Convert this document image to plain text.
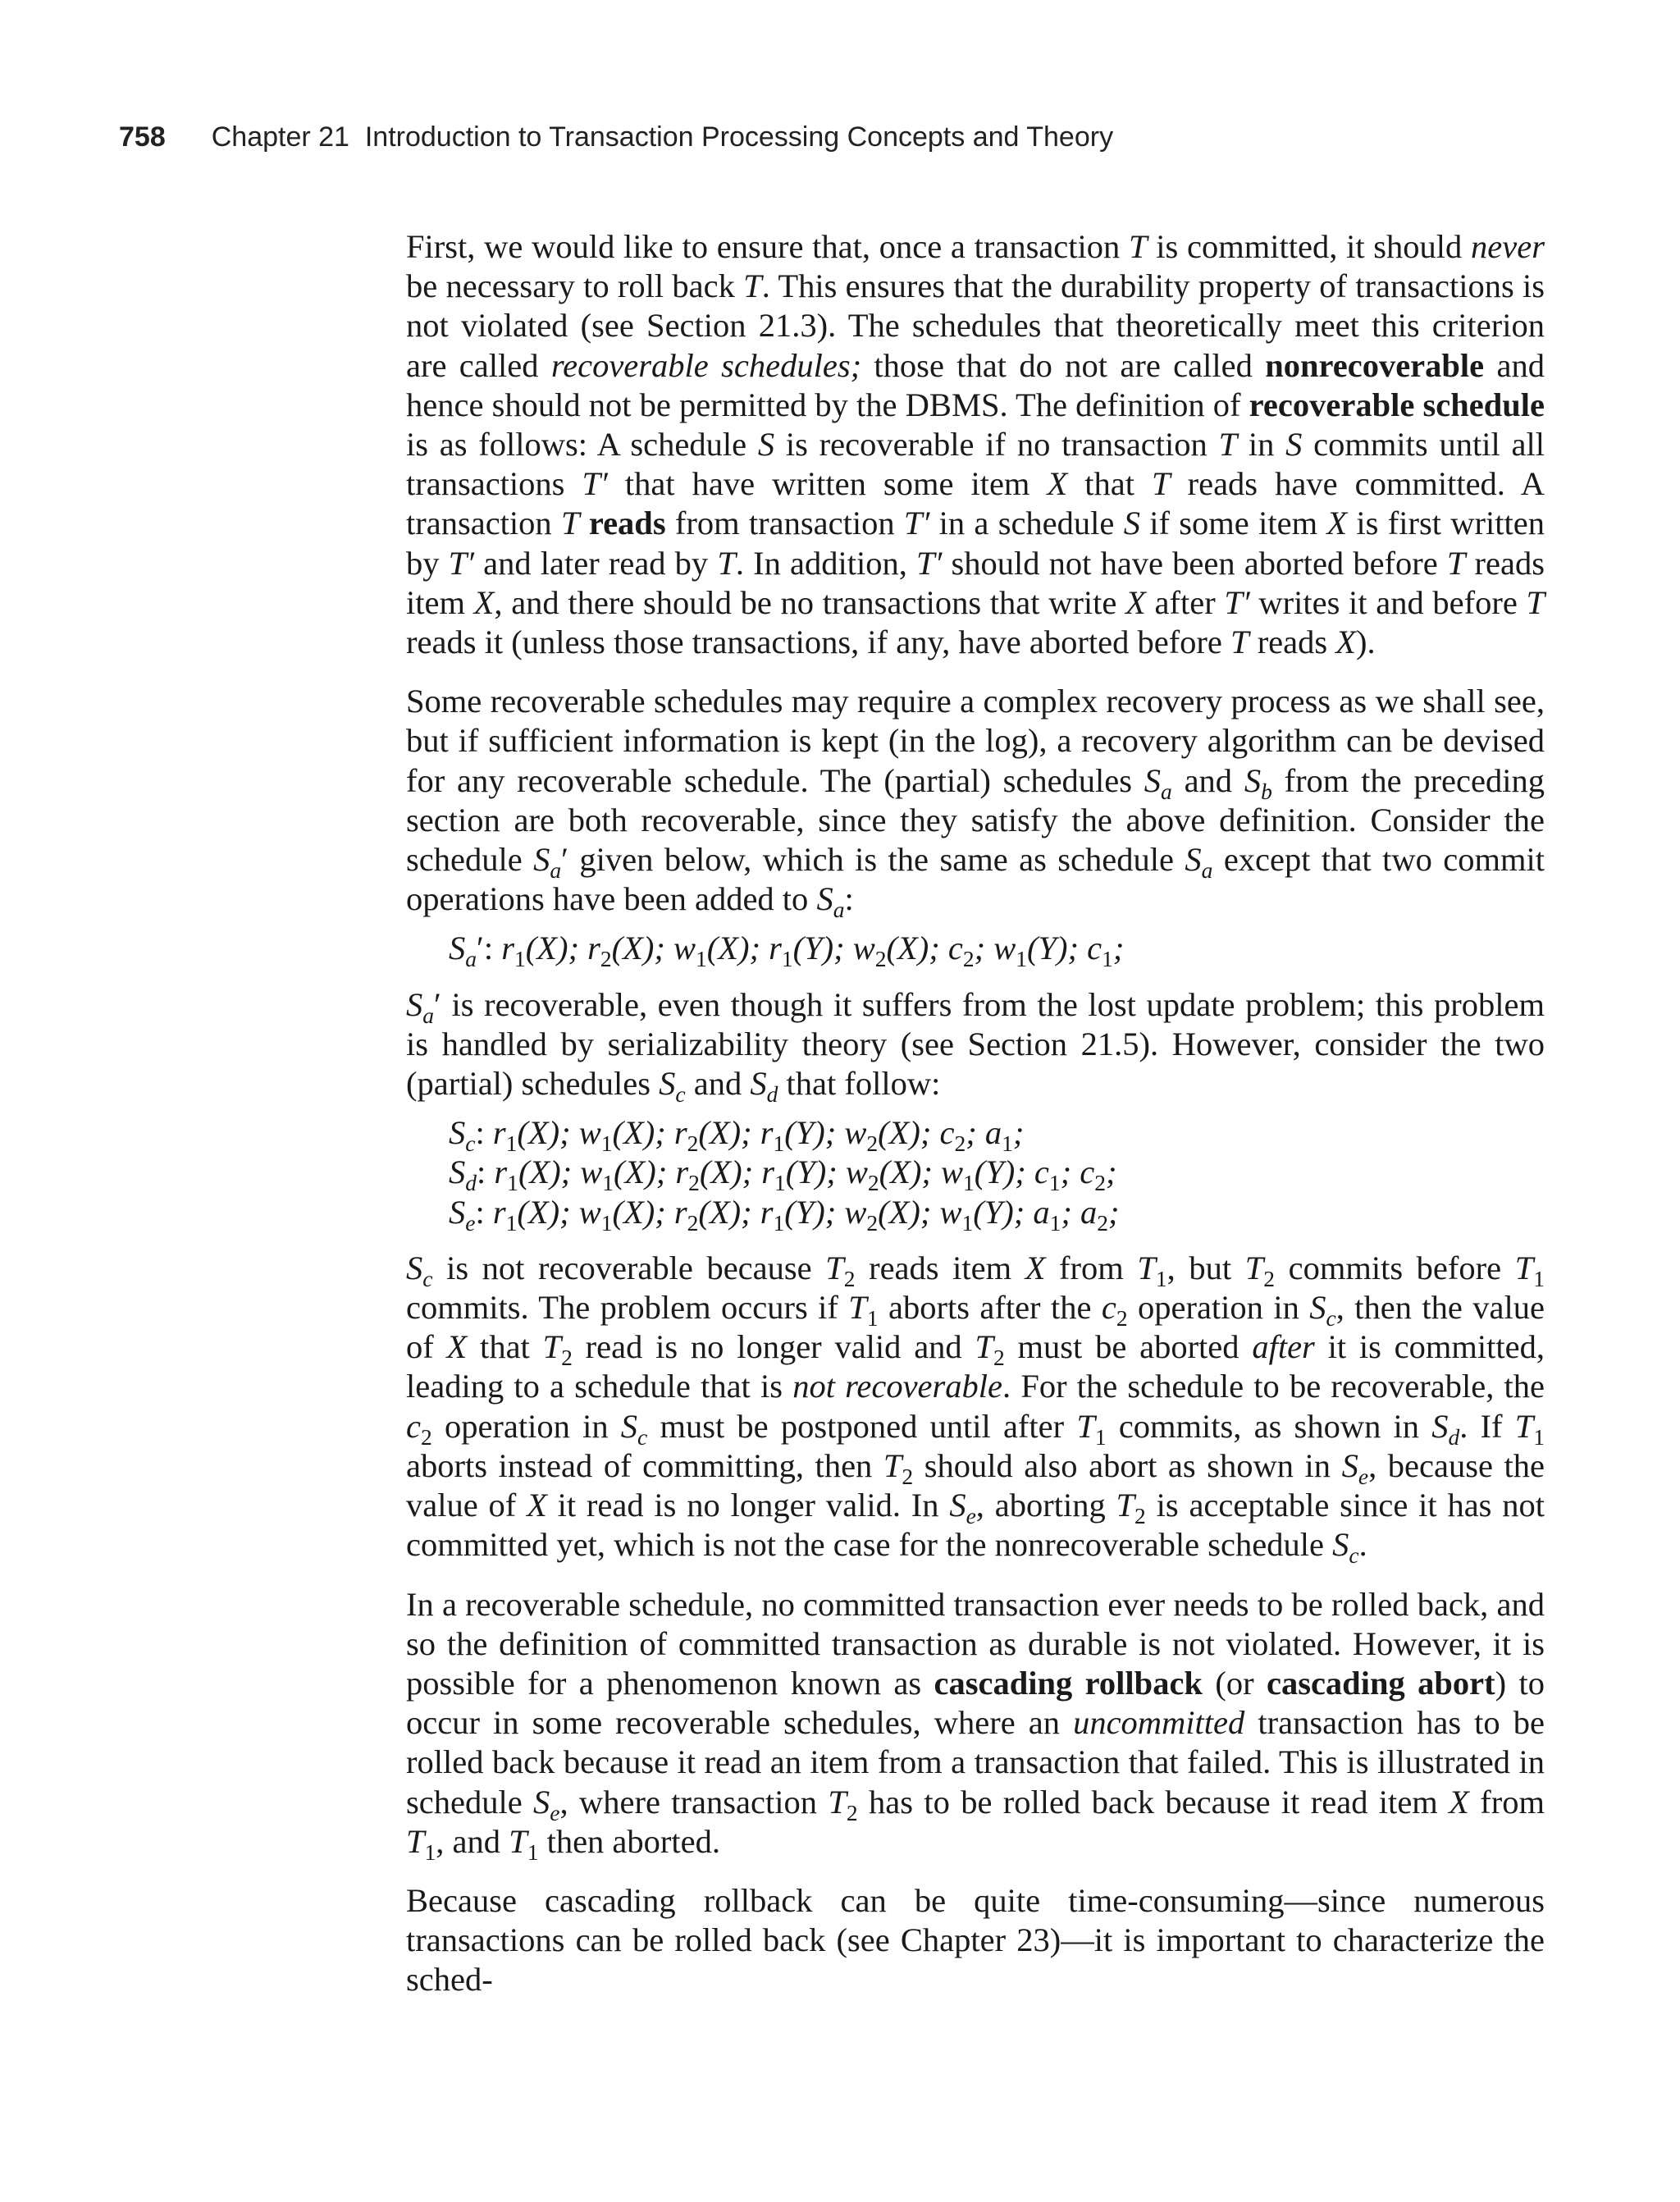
758 Chapter 21  Introduction to Transaction Processing Concepts and Theory

First, we would like to ensure that, once a transaction T is committed, it should never be necessary to roll back T. This ensures that the durability property of transactions is not violated (see Section 21.3). The schedules that theoretically meet this criterion are called recoverable schedules; those that do not are called nonrecoverable and hence should not be permitted by the DBMS. The definition of recoverable schedule is as follows: A schedule S is recoverable if no transaction T in S commits until all transactions T′ that have written some item X that T reads have committed. A transaction T reads from transaction T′ in a schedule S if some item X is first written by T′ and later read by T. In addition, T′ should not have been aborted before T reads item X, and there should be no transactions that write X after T′ writes it and before T reads it (unless those transactions, if any, have aborted before T reads X).

Some recoverable schedules may require a complex recovery process as we shall see, but if sufficient information is kept (in the log), a recovery algorithm can be devised for any recoverable schedule. The (partial) schedules $S_a$ and $S_b$ from the preceding section are both recoverable, since they satisfy the above definition. Consider the schedule $S_a'$ given below, which is the same as schedule $S_a$ except that two commit operations have been added to $S_a$:

$S_a'$: $r_1(X)$; $r_2(X)$; $w_1(X)$; $r_1(Y)$; $w_2(X)$; $c_2$; $w_1(Y)$; $c_1$;

$S_a'$ is recoverable, even though it suffers from the lost update problem; this problem is handled by serializability theory (see Section 21.5). However, consider the two (partial) schedules $S_c$ and $S_d$ that follow:

$S_c$: $r_1(X)$; $w_1(X)$; $r_2(X)$; $r_1(Y)$; $w_2(X)$; $c_2$; $a_1$;
$S_d$: $r_1(X)$; $w_1(X)$; $r_2(X)$; $r_1(Y)$; $w_2(X)$; $w_1(Y)$; $c_1$; $c_2$;
$S_e$: $r_1(X)$; $w_1(X)$; $r_2(X)$; $r_1(Y)$; $w_2(X)$; $w_1(Y)$; $a_1$; $a_2$;

$S_c$ is not recoverable because $T_2$ reads item X from $T_1$, but $T_2$ commits before $T_1$ commits. The problem occurs if $T_1$ aborts after the $c_2$ operation in $S_c$, then the value of X that $T_2$ read is no longer valid and $T_2$ must be aborted after it is committed, leading to a schedule that is not recoverable. For the schedule to be recoverable, the $c_2$ operation in $S_c$ must be postponed until after $T_1$ commits, as shown in $S_d$. If $T_1$ aborts instead of committing, then $T_2$ should also abort as shown in $S_e$, because the value of X it read is no longer valid. In $S_e$, aborting $T_2$ is acceptable since it has not committed yet, which is not the case for the nonrecoverable schedule $S_c$.

In a recoverable schedule, no committed transaction ever needs to be rolled back, and so the definition of committed transaction as durable is not violated. However, it is possible for a phenomenon known as cascading rollback (or cascading abort) to occur in some recoverable schedules, where an uncommitted transaction has to be rolled back because it read an item from a transaction that failed. This is illustrated in schedule $S_e$, where transaction $T_2$ has to be rolled back because it read item X from $T_1$, and $T_1$ then aborted.

Because cascading rollback can be quite time-consuming—since numerous transactions can be rolled back (see Chapter 23)—it is important to characterize the sched-
